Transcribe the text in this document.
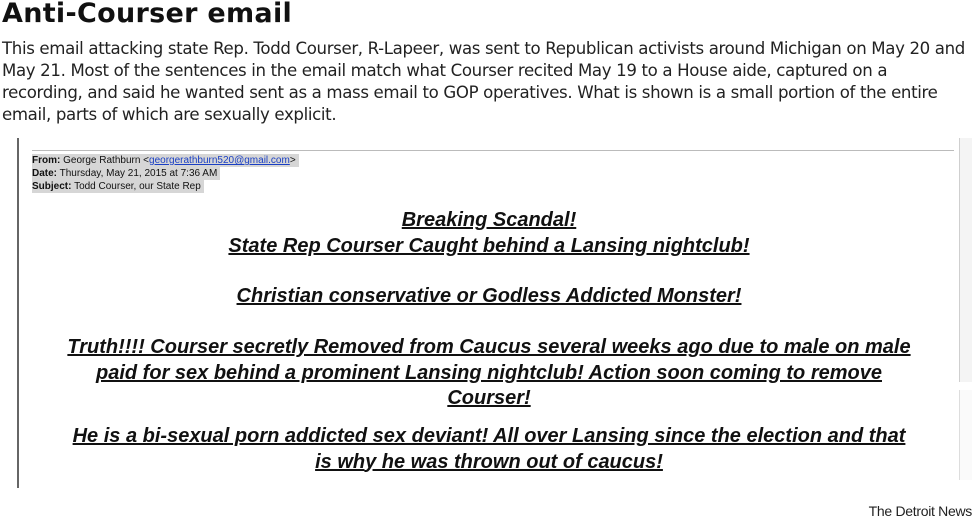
Anti-Courser email
This email attacking state Rep. Todd Courser, R-Lapeer, was sent to Republican activists around Michigan on May 20 and May 21. Most of the sentences in the email match what Courser recited May 19 to a House aide, captured on a recording, and said he wanted sent as a mass email to GOP operatives. What is shown is a small portion of the entire email, parts of which are sexually explicit.
From: George Rathburn <georgerathburn520@gmail.com>
Date: Thursday, May 21, 2015 at 7:36 AM
Subject: Todd Courser, our State Rep
Breaking Scandal!
State Rep Courser Caught behind a Lansing nightclub!
Christian conservative or Godless Addicted Monster!
Truth!!!! Courser secretly Removed from Caucus several weeks ago due to male on male
paid for sex behind a prominent Lansing nightclub! Action soon coming to remove
Courser!
He is a bi-sexual porn addicted sex deviant! All over Lansing since the election and that
is why he was thrown out of caucus!
The Detroit News
